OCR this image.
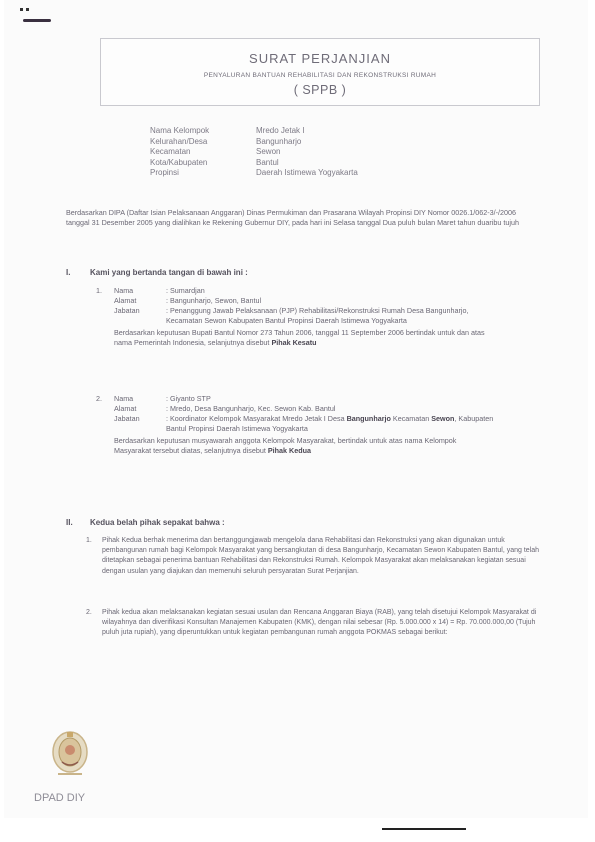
SURAT PERJANJIAN
PENYALURAN BANTUAN REHABILITASI DAN REKONSTRUKSI RUMAH
( SPPB )
Nama Kelompok	Mredo Jetak I
Kelurahan/Desa	Bangunharjo
Kecamatan	Sewon
Kota/Kabupaten	Bantul
Propinsi	Daerah Istimewa Yogyakarta
Berdasarkan DIPA (Daftar Isian Pelaksanaan Anggaran) Dinas Permukiman dan Prasarana Wilayah Propinsi DIY Nomor 0026.1/062-3/-/2006 tanggal 31 Desember 2005 yang dialihkan ke Rekening Gubernur DIY, pada hari ini Selasa tanggal Dua puluh bulan Maret tahun duaribu tujuh
I. Kami yang bertanda tangan di bawah ini :
1.	Nama	: Sumardjan
Alamat	: Bangunharjo, Sewon, Bantul
Jabatan	: Penanggung Jawab Pelaksanaan (PJP) Rehabilitasi/Rekonstruksi Rumah Desa Bangunharjo, Kecamatan Sewon Kabupaten Bantul Propinsi Daerah Istimewa Yogyakarta
Berdasarkan keputusan Bupati Bantul Nomor 273 Tahun 2006, tanggal 11 September 2006 bertindak untuk dan atas nama Pemerintah Indonesia, selanjutnya disebut Pihak Kesatu
2.	Nama	: Giyanto STP
Alamat	: Mredo, Desa Bangunharjo, Kec. Sewon Kab. Bantul
Jabatan	: Koordinator Kelompok Masyarakat Mredo Jetak I Desa Bangunharjo Kecamatan Sewon, Kabupaten Bantul Propinsi Daerah Istimewa Yogyakarta
Berdasarkan keputusan musyawarah anggota Kelompok Masyarakat, bertindak untuk atas nama Kelompok Masyarakat tersebut diatas, selanjutnya disebut Pihak Kedua
II. Kedua belah pihak sepakat bahwa :
1.	Pihak Kedua berhak menerima dan bertanggungjawab mengelola dana Rehabilitasi dan Rekonstruksi yang akan digunakan untuk pembangunan rumah bagi Kelompok Masyarakat yang bersangkutan di desa Bangunharjo, Kecamatan Sewon Kabupaten Bantul, yang telah ditetapkan sebagai penerima bantuan Rehabilitasi dan Rekonstruksi Rumah. Kelompok Masyarakat akan melaksanakan kegiatan sesuai dengan usulan yang diajukan dan memenuhi seluruh persyaratan Surat Perjanjian.
2.	Pihak kedua akan melaksanakan kegiatan sesuai usulan dan Rencana Anggaran Biaya (RAB), yang telah disetujui Kelompok Masyarakat di wilayahnya dan diverifikasi Konsultan Manajemen Kabupaten (KMK), dengan nilai sebesar (Rp. 5.000.000 x 14) = Rp. 70.000.000,00 (Tujuh puluh juta rupiah), yang diperuntukkan untuk kegiatan pembangunan rumah anggota POKMAS sebagai berikut:
DPAD DIY
